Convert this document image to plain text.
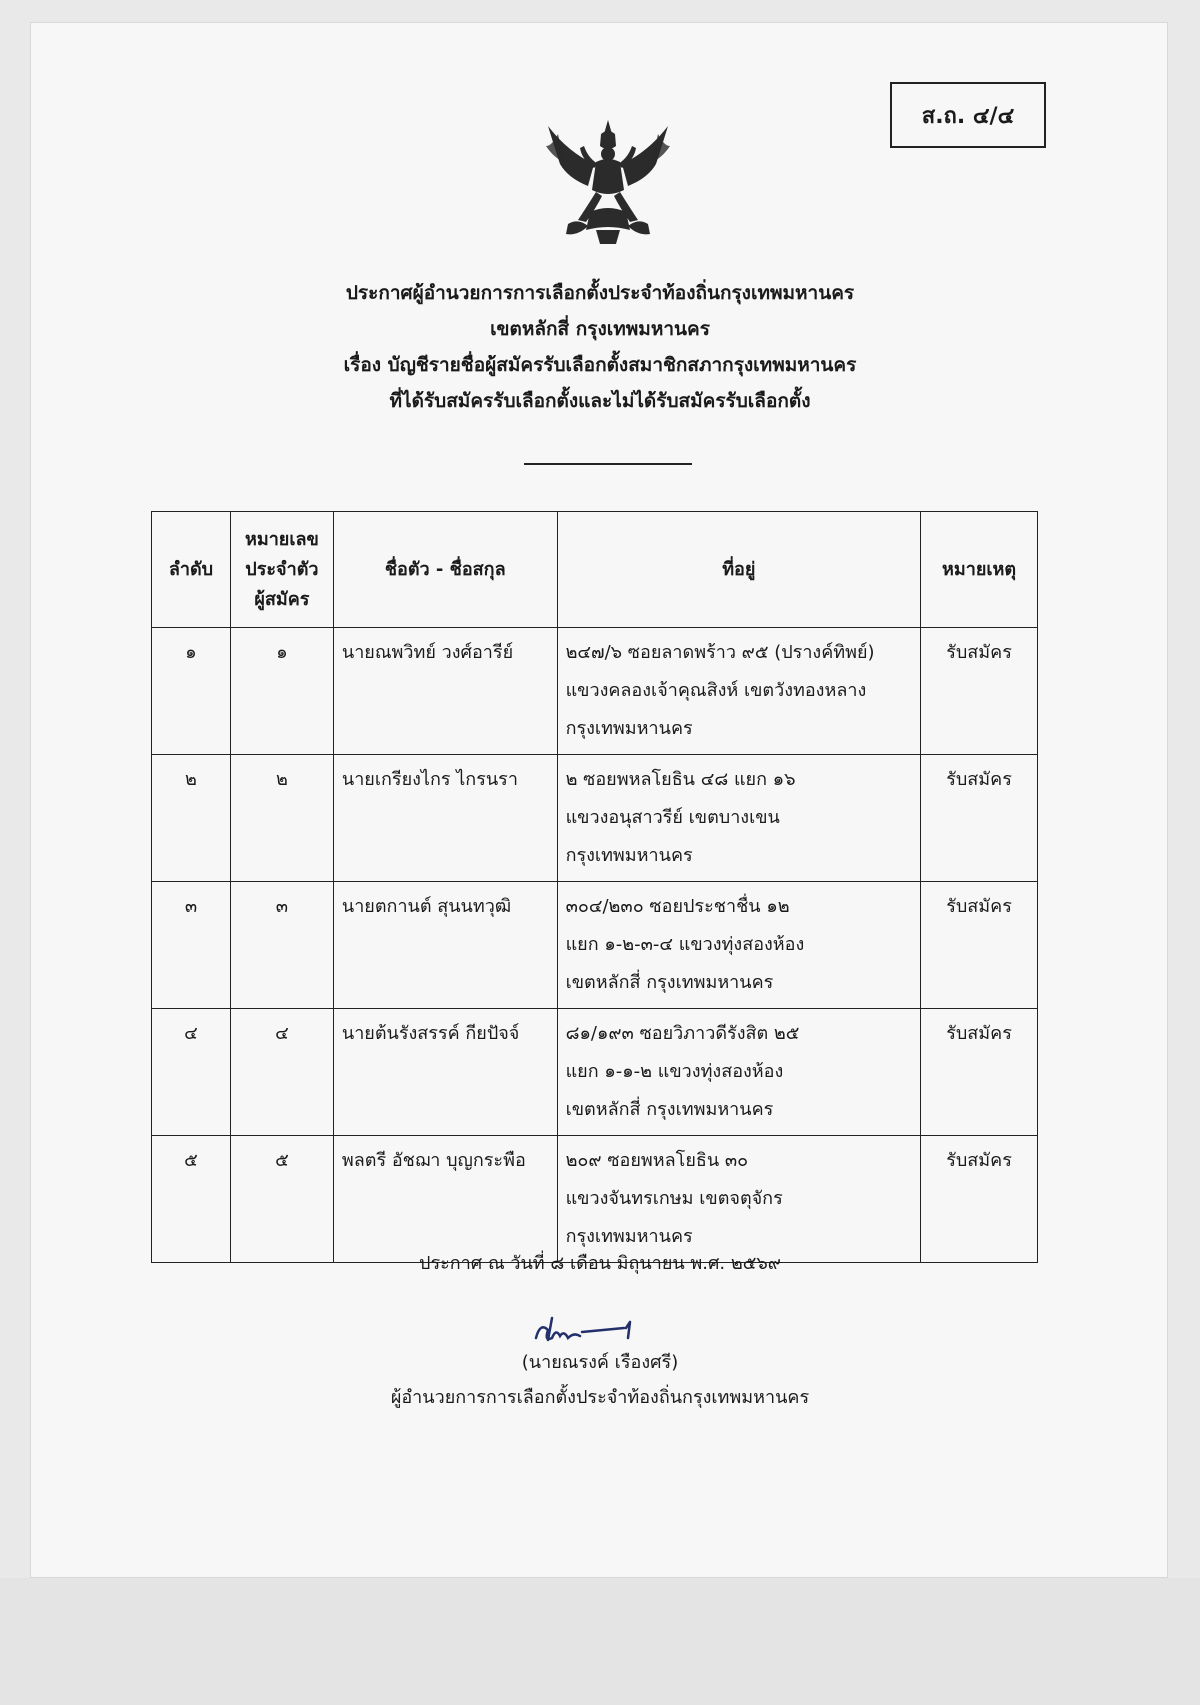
ส.ถ. ๔/๔
ประกาศผู้อำนวยการการเลือกตั้งประจำท้องถิ่นกรุงเทพมหานคร
เขตหลักสี่ กรุงเทพมหานคร
เรื่อง บัญชีรายชื่อผู้สมัครรับเลือกตั้งสมาชิกสภากรุงเทพมหานคร
ที่ได้รับสมัครรับเลือกตั้งและไม่ได้รับสมัครรับเลือกตั้ง
ลำดับ	หมายเลข
ประจำตัว
ผู้สมัคร	ชื่อตัว - ชื่อสกุล	ที่อยู่	หมายเหตุ
๑	๑	นายณพวิทย์ วงศ์อารีย์	๒๔๗/๖ ซอยลาดพร้าว ๙๕ (ปรางค์ทิพย์)
แขวงคลองเจ้าคุณสิงห์ เขตวังทองหลาง
กรุงเทพมหานคร	รับสมัคร
๒	๒	นายเกรียงไกร ไกรนรา	๒ ซอยพหลโยธิน ๔๘ แยก ๑๖
แขวงอนุสาวรีย์ เขตบางเขน
กรุงเทพมหานคร	รับสมัคร
๓	๓	นายตกานต์ สุนนทวุฒิ	๓๐๔/๒๓๐ ซอยประชาชื่น ๑๒
แยก ๑-๒-๓-๔ แขวงทุ่งสองห้อง
เขตหลักสี่ กรุงเทพมหานคร	รับสมัคร
๔	๔	นายต้นรังสรรค์ กียปัจจ์	๘๑/๑๙๓ ซอยวิภาวดีรังสิต ๒๕
แยก ๑-๑-๒ แขวงทุ่งสองห้อง
เขตหลักสี่ กรุงเทพมหานคร	รับสมัคร
๕	๕	พลตรี อัชฌา บุญกระพือ	๒๐๙ ซอยพหลโยธิน ๓๐
แขวงจันทรเกษม เขตจตุจักร
กรุงเทพมหานคร	รับสมัคร
ประกาศ ณ วันที่ ๘ เดือน มิถุนายน พ.ศ. ๒๕๖๙
(นายณรงค์ เรืองศรี)
ผู้อำนวยการการเลือกตั้งประจำท้องถิ่นกรุงเทพมหานคร
